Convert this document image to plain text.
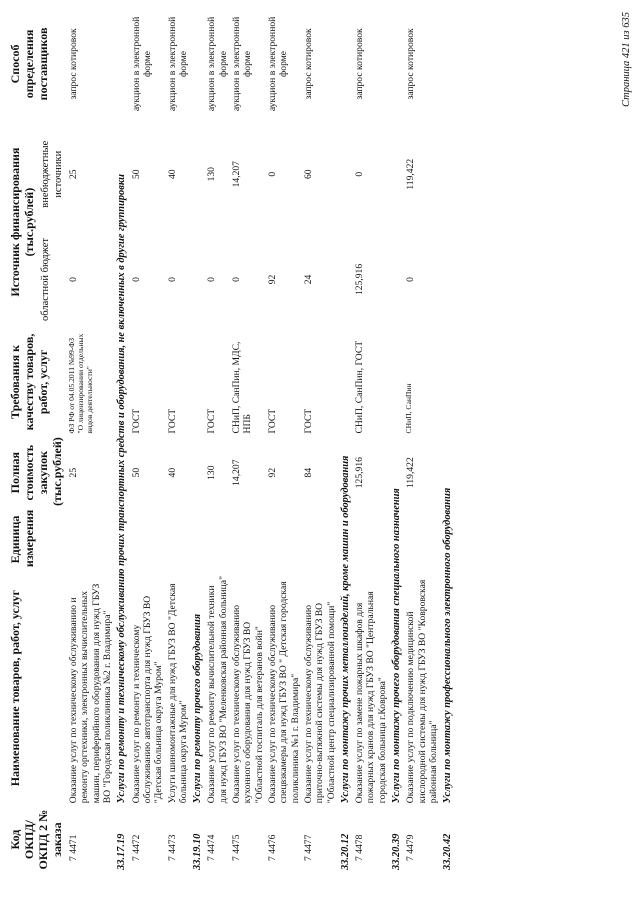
Код ОКПД/ ОКПД 2 № заказа	Наименование товаров, работ, услуг	Единица измерения	Полная стоимость закупок (тыс.рублей)	Требования к качеству товаров, работ, услуг	Источник финансирования (тыс.рублей)		Способ определения поставщиков
					областной бюджет	внебюджетные источники	
7 4471	Оказание услуг по техническому обслуживанию и ремонту оргтехники, электронных вычислительных машин, периферийного оборудования для нужд ГБУЗ ВО "Городская поликлиника №2 г. Владимира"		25	ФЗ РФ от 04.05.2011 №99-ФЗ "О лицензировании отдельных видов деятельности"	0	25	запрос котировок
33.17.19	Услуги по ремонту и техническому обслуживанию прочих транспортных средств и оборудования, не включенных в другие группировки						
7 4472	Оказание услуг по ремонту и техническому обслуживанию автотранспорта для нужд ГБУЗ ВО "Детская больница округа Муром"		50	ГОСТ	0	50	аукцион в электронной форме
7 4473	Услуги шиномонтажные для нужд ГБУЗ ВО "Детская больница округа Муром"		40	ГОСТ	0	40	аукцион в электронной форме
33.19.10	Услуги по ремонту прочего оборудования						
7 4474	Оказание услуг по ремонту вычислительной техники для нужд ГБУЗ ВО "Меленковская районная больница"		130	ГОСТ	0	130	аукцион в электронной форме
7 4475	Оказание услуг по техническому обслуживанию кухонного оборудования для нужд ГБУЗ ВО "Областной госпиталь для ветеранов войн"		14,207	СНиП, СанПин, МДС, НПБ	0	14,207	аукцион в электронной форме
7 4476	Оказание услуг по техническому обслуживанию спецвзкамеры для нужд ГБУЗ ВО " Детская городская поликлиника №1 г. Владимира"		92	ГОСТ	92	0	аукцион в электронной форме
7 4477	Оказание услуг по техническому обслуживанию приточно-вытяжной системы для нужд ГБУЗ ВО "Областной центр специализированной помощи"		84	ГОСТ	24	60	запрос котировок
33.20.12	Услуги по монтажу прочих металлоизделий, кроме машин и оборудования						
7 4478	Оказание услуг по замене пожарных шкафов для пожарных кранов для нужд ГБУЗ ВО "Центральная городская больница г.Коврова"		125,916	СНиП, СанПин, ГОСТ	125,916	0	запрос котировок
33.20.39	Услуги по монтажу прочего оборудования специального назначения						
7 4479	Оказание услуг по подключению медицинской кислородной системы для нужд ГБУЗ ВО "Ковровская районная больница"		119,422	СНиП, СанПин	0	119,422	запрос котировок
33.20.42	Услуги по монтажу профессионального электронного оборудования						
Страница 421 из 635
